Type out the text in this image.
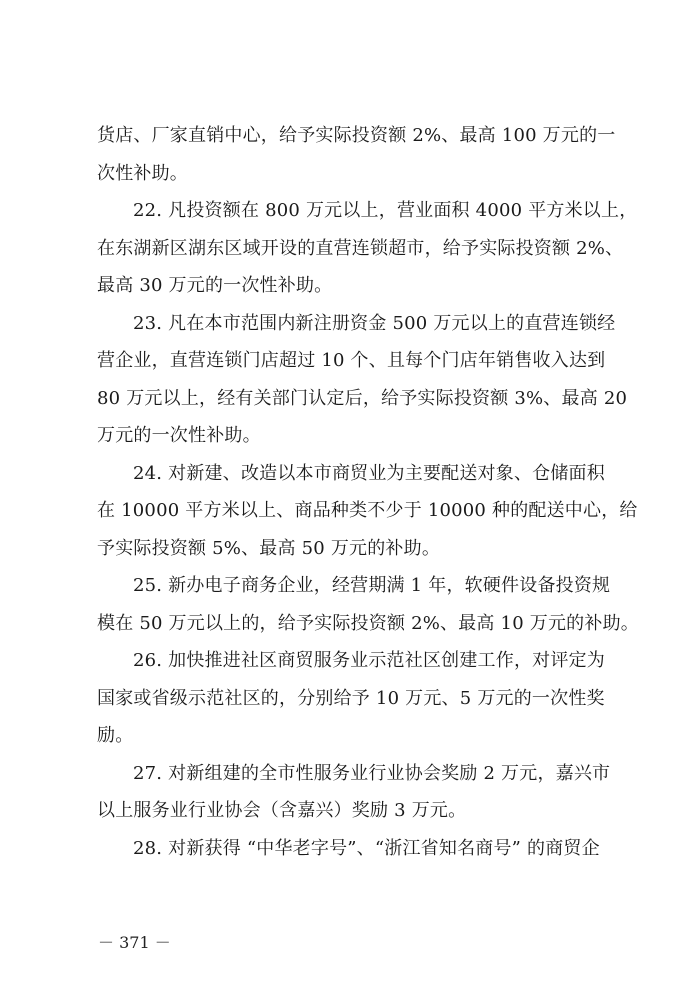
货店、厂家直销中心，给予实际投资额 2%、最高 100 万元的一
次性补助。
22. 凡投资额在 800 万元以上，营业面积 4000 平方米以上，
在东湖新区湖东区域开设的直营连锁超市，给予实际投资额 2%、
最高 30 万元的一次性补助。
23. 凡在本市范围内新注册资金 500 万元以上的直营连锁经
营企业，直营连锁门店超过 10 个、且每个门店年销售收入达到
80 万元以上，经有关部门认定后，给予实际投资额 3%、最高 20
万元的一次性补助。
24. 对新建、改造以本市商贸业为主要配送对象、仓储面积
在 10000 平方米以上、商品种类不少于 10000 种的配送中心，给
予实际投资额 5%、最高 50 万元的补助。
25. 新办电子商务企业，经营期满 1 年，软硬件设备投资规
模在 50 万元以上的，给予实际投资额 2%、最高 10 万元的补助。
26. 加快推进社区商贸服务业示范社区创建工作，对评定为
国家或省级示范社区的，分别给予 10 万元、5 万元的一次性奖
励。
27. 对新组建的全市性服务业行业协会奖励 2 万元，嘉兴市
以上服务业行业协会（含嘉兴）奖励 3 万元。
28. 对新获得 “中华老字号”、“浙江省知名商号” 的商贸企
－ 371 －
